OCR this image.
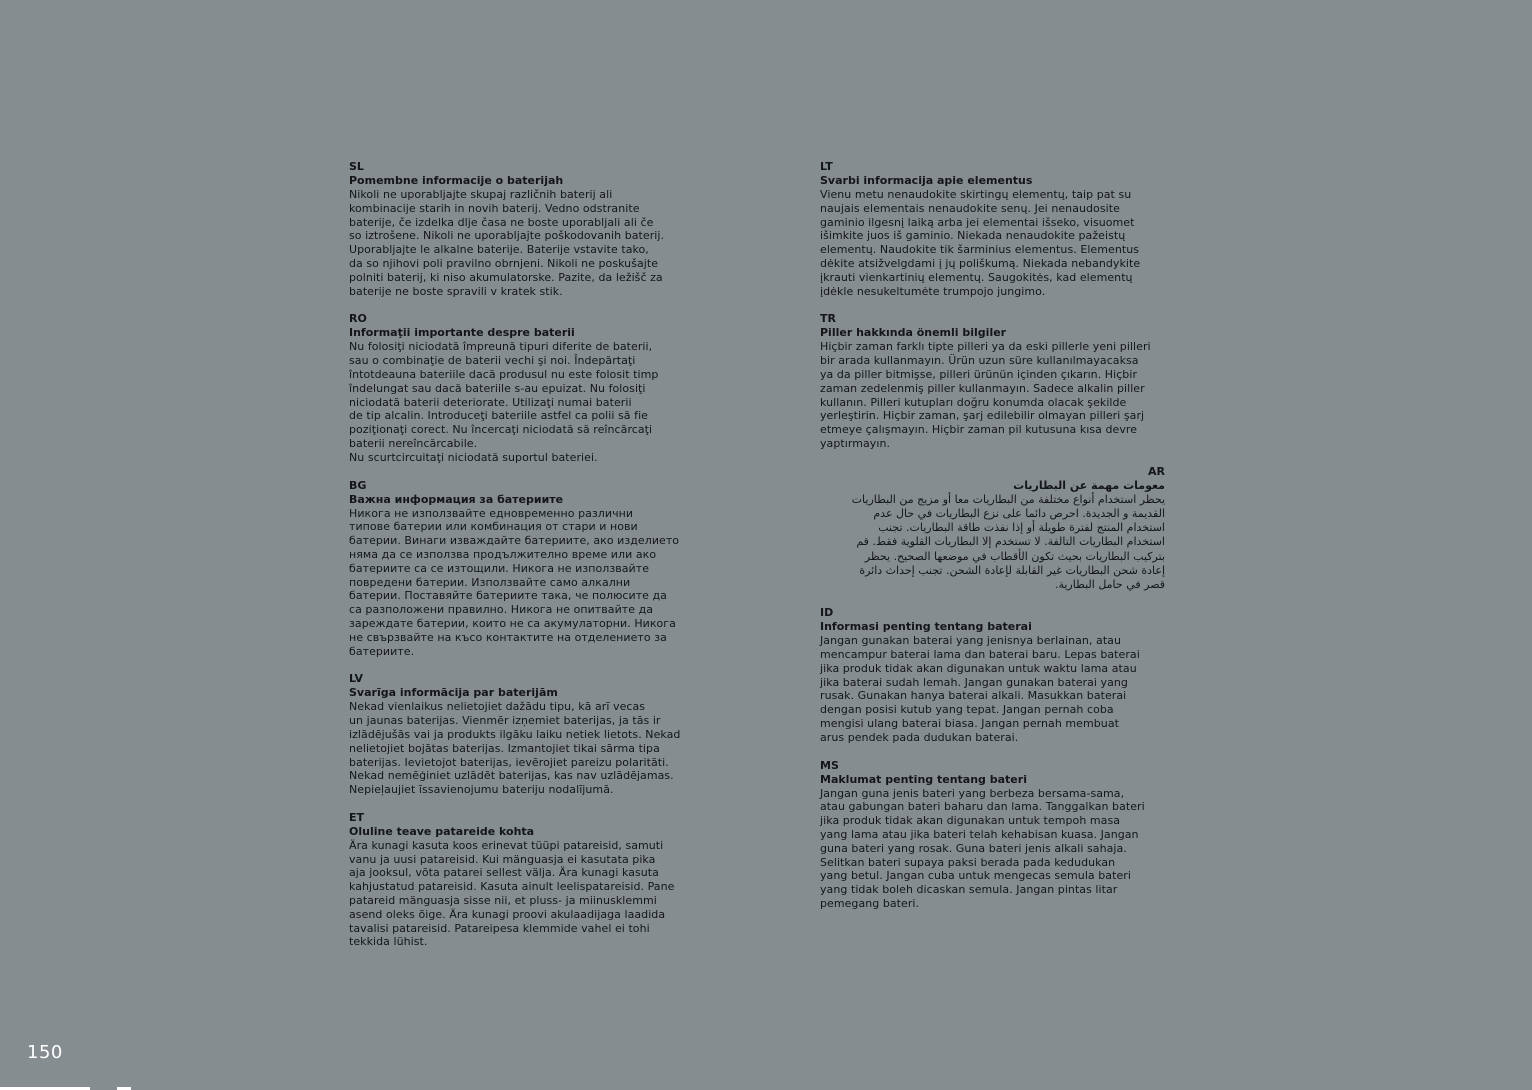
SL
Pomembne informacije o baterijah
Nikoli ne uporabljajte skupaj različnih baterij ali
kombinacije starih in novih baterij. Vedno odstranite
baterije, če izdelka dlje časa ne boste uporabljali ali če
so iztrošene. Nikoli ne uporabljajte poškodovanih baterij.
Uporabljajte le alkalne baterije. Baterije vstavite tako,
da so njihovi poli pravilno obrnjeni. Nikoli ne poskušajte
polniti baterij, ki niso akumulatorske. Pazite, da ležišč za
baterije ne boste spravili v kratek stik.
RO
Informaţii importante despre baterii
Nu folosiţi niciodată împreună tipuri diferite de baterii,
sau o combinaţie de baterii vechi şi noi. Îndepărtaţi
întotdeauna bateriile dacă produsul nu este folosit timp
îndelungat sau dacă bateriile s-au epuizat. Nu folosiţi
niciodată baterii deteriorate. Utilizaţi numai baterii
de tip alcalin. Introduceţi bateriile astfel ca polii să fie
poziţionaţi corect. Nu încercaţi niciodată să reîncărcaţi
baterii nereîncărcabile.
Nu scurtcircuitaţi niciodată suportul bateriei.
BG
Важна информация за батериите
Никога не използвайте едновременно различни
типове батерии или комбинация от стари и нови
батерии. Винаги изваждайте батериите, ако изделието
няма да се използва продължително време или ако
батериите са се изтощили. Никога не използвайте
повредени батерии. Използвайте само алкални
батерии. Поставяйте батериите така, че полюсите да
са разположени правилно. Никога не опитвайте да
зареждате батерии, които не са акумулаторни. Никога
не свързвайте на късо контактите на отделението за
батериите.
LV
Svarīga informācija par baterijām
Nekad vienlaikus nelietojiet dažādu tipu, kā arī vecas
un jaunas baterijas. Vienmēr izņemiet baterijas, ja tās ir
izlādējušās vai ja produkts ilgāku laiku netiek lietots. Nekad
nelietojiet bojātas baterijas. Izmantojiet tikai sārma tipa
baterijas. Ievietojot baterijas, ievērojiet pareizu polaritāti.
Nekad nemēģiniet uzlādēt baterijas, kas nav uzlādējamas.
Nepieļaujiet īssavienojumu bateriju nodalījumā.
ET
Oluline teave patareide kohta
Ära kunagi kasuta koos erinevat tüüpi patareisid, samuti
vanu ja uusi patareisid. Kui mänguasja ei kasutata pika
aja jooksul, võta patarei sellest välja. Ära kunagi kasuta
kahjustatud patareisid. Kasuta ainult leelispatareisid. Pane
patareid mänguasja sisse nii, et pluss- ja miinusklemmi
asend oleks õige. Ära kunagi proovi akulaadijaga laadida
tavalisi patareisid. Patareipesa klemmide vahel ei tohi
tekkida lühist.
LT
Svarbi informacija apie elementus
Vienu metu nenaudokite skirtingų elementų, taip pat su
naujais elementais nenaudokite senų. Jei nenaudosite
gaminio ilgesnį laiką arba jei elementai išseko, visuomet
išimkite juos iš gaminio. Niekada nenaudokite pažeistų
elementų. Naudokite tik šarminius elementus. Elementus
dėkite atsižvelgdami į jų poliškumą. Niekada nebandykite
įkrauti vienkartinių elementų. Saugokitės, kad elementų
įdėkle nesukeltumėte trumpojo jungimo.
TR
Piller hakkında önemli bilgiler
Hiçbir zaman farklı tipte pilleri ya da eski pillerle yeni pilleri
bir arada kullanmayın. Ürün uzun süre kullanılmayacaksa
ya da piller bitmişse, pilleri ürünün içinden çıkarın. Hiçbir
zaman zedelenmiş piller kullanmayın. Sadece alkalin piller
kullanın. Pilleri kutupları doğru konumda olacak şekilde
yerleştirin. Hiçbir zaman, şarj edilebilir olmayan pilleri şarj
etmeye çalışmayın. Hiçbir zaman pil kutusuna kısa devre
yaptırmayın.
AR
معومات مهمة عن البطاريات
يحظر استخدام أنواع مختلفة من البطاريات معا أو مزيج من البطاريات
القديمة و الجديدة. احرص دائما على نزع البطاريات في حال عدم
استخدام المنتج لفترة طويلة أو إذا نفذت طاقة البطاريات. تجنب
استخدام البطاريات التالفة. لا تستخدم إلا البطاريات القلوية فقط. قم
بتركيب البطاريات بحيث تكون الأقطاب في موضعها الصحيح. يحظر
إعادة شحن البطاريات غير القابلة لإعادة الشحن. تجنب إحداث دائرة
قصر في حامل البطارية.
ID
Informasi penting tentang baterai
Jangan gunakan baterai yang jenisnya berlainan, atau
mencampur baterai lama dan baterai baru. Lepas baterai
jika produk tidak akan digunakan untuk waktu lama atau
jika baterai sudah lemah. Jangan gunakan baterai yang
rusak. Gunakan hanya baterai alkali. Masukkan baterai
dengan posisi kutub yang tepat. Jangan pernah coba
mengisi ulang baterai biasa. Jangan pernah membuat
arus pendek pada dudukan baterai.
MS
Maklumat penting tentang bateri
Jangan guna jenis bateri yang berbeza bersama-sama,
atau gabungan bateri baharu dan lama. Tanggalkan bateri
jika produk tidak akan digunakan untuk tempoh masa
yang lama atau jika bateri telah kehabisan kuasa. Jangan
guna bateri yang rosak. Guna bateri jenis alkali sahaja.
Selitkan bateri supaya paksi berada pada kedudukan
yang betul. Jangan cuba untuk mengecas semula bateri
yang tidak boleh dicaskan semula. Jangan pintas litar
pemegang bateri.
150
